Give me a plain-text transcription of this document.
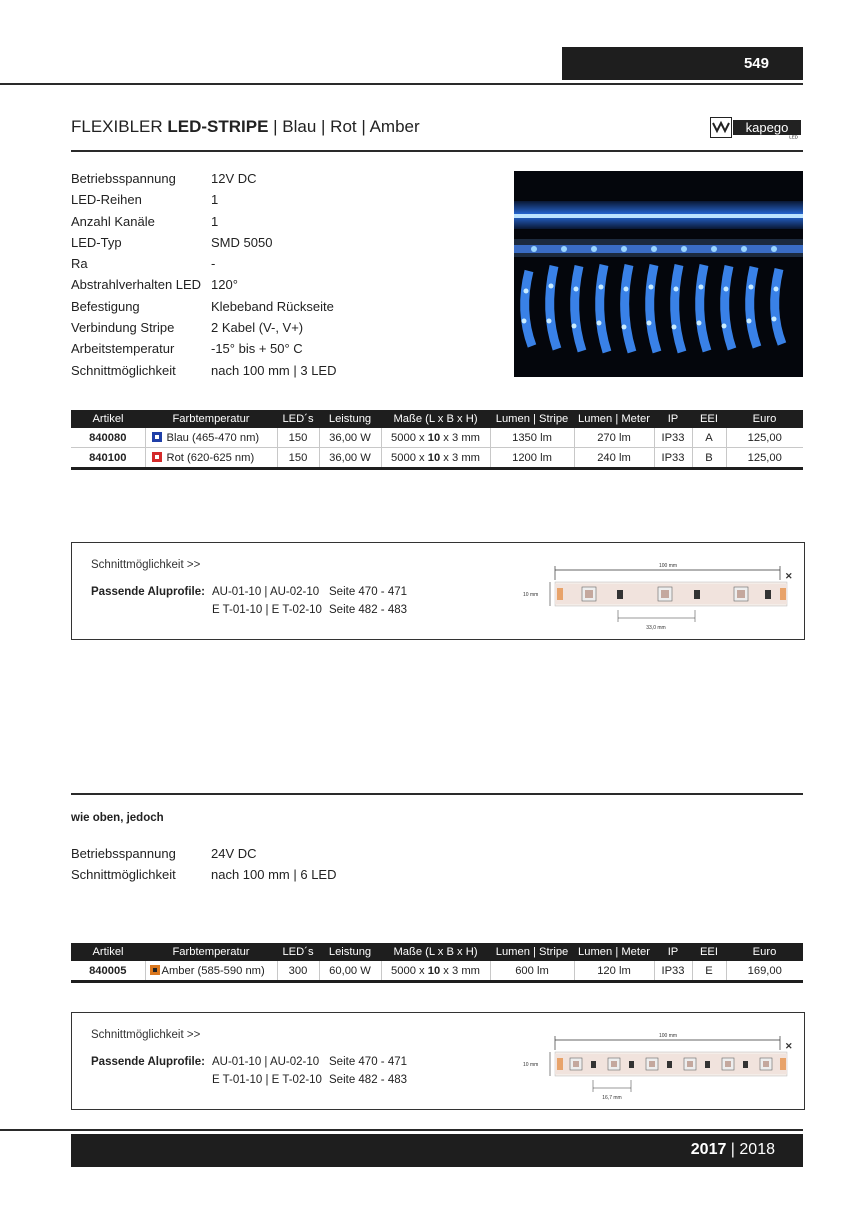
549
FLEXIBLER LED-STRIPE | Blau | Rot | Amber	kapego
LED
Betriebsspannung	12V DC
LED-Reihen	1
Anzahl Kanäle	1
LED-Typ	SMD 5050
Ra	-
Abstrahlverhalten LED 120°
Befestigung	Klebeband Rückseite
Verbindung Stripe	2 Kabel (V-, V+)
Arbeitstemperatur	-15° bis + 50° C
Schnittmöglichkeit	nach 100 mm | 3 LED
Artikel	Farbtemperatur	LED´s	Leistung	Maße (L x B x H)	Lumen | Stripe	Lumen | Meter	IP	EEI	Euro
840080	Blau (465-470 nm)	150	36,00 W	5000 x 10 x 3 mm	1350 lm	270 lm	IP33	A	125,00
840100	Rot (620-625 nm)	150	36,00 W	5000 x 10 x 3 mm	1200 lm	240 lm	IP33	B	125,00
Schnittmöglichkeit >>
Passende Aluprofile: AU-01-10 | AU-02-10 Seite 470 - 471
E T-01-10 | E T-02-10 Seite 482 - 483
100 mm
✕
10 mm
33,0 mm
wie oben, jedoch
Betriebsspannung	24V DC
Schnittmöglichkeit	nach 100 mm | 6 LED
Artikel	Farbtemperatur	LED´s	Leistung	Maße (L x B x H)	Lumen | Stripe	Lumen | Meter	IP	EEI	Euro
840005	Amber (585-590 nm)	300	60,00 W	5000 x 10 x 3 mm	600 lm	120 lm	IP33	E	169,00
Schnittmöglichkeit >>
Passende Aluprofile: AU-01-10 | AU-02-10 Seite 470 - 471
E T-01-10 | E T-02-10 Seite 482 - 483
100 mm
✕
10 mm
16,7 mm
2017 | 2018
